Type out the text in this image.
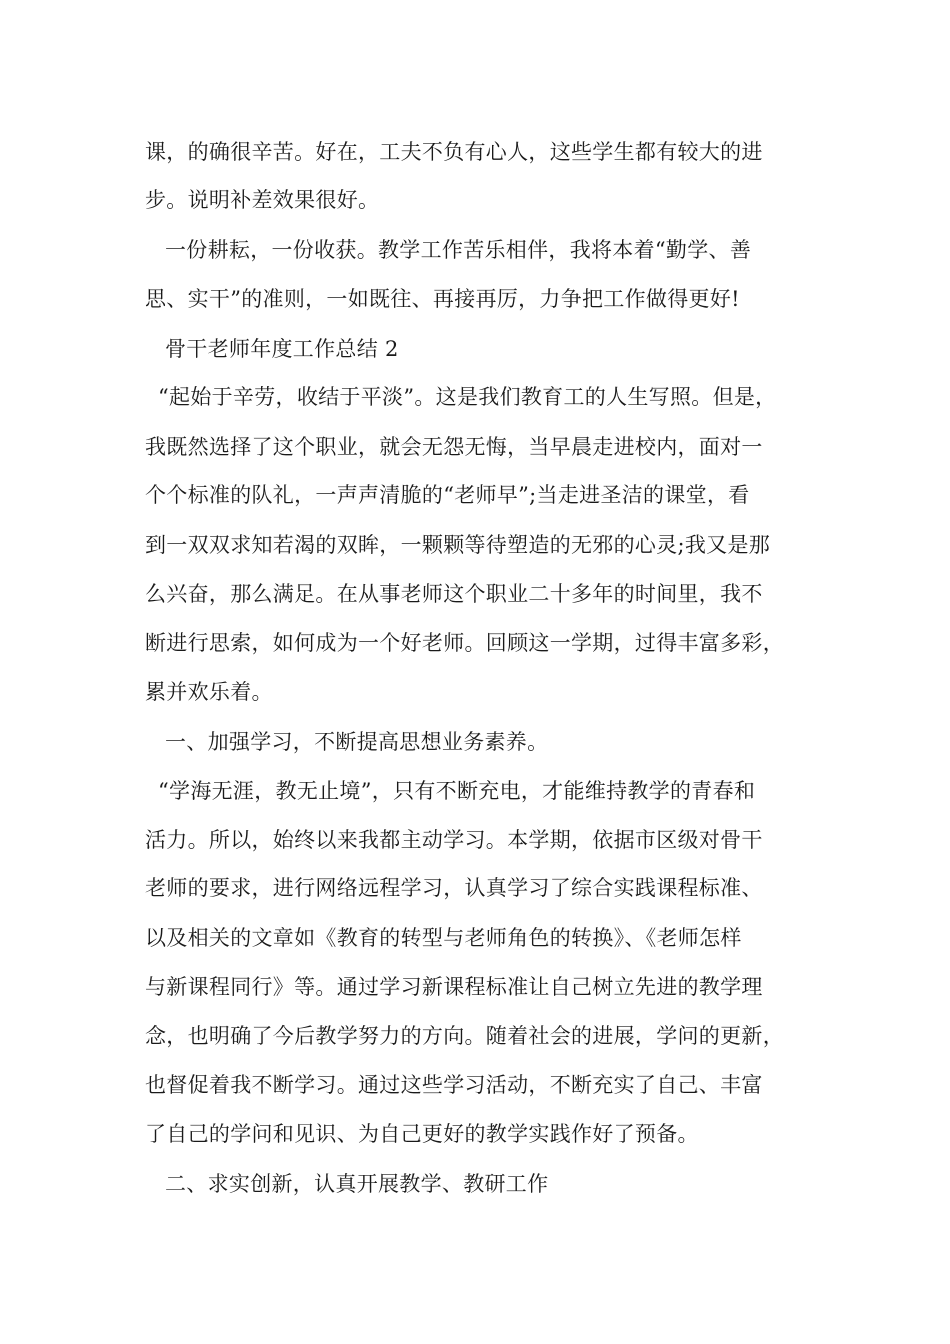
课，的确很辛苦。好在，工夫不负有心人，这些学生都有较大的进
步。说明补差效果很好。
一份耕耘，一份收获。教学工作苦乐相伴，我将本着“勤学、善
思、实干”的准则，一如既往、再接再厉，力争把工作做得更好!
骨干老师年度工作总结 2
“起始于辛劳，收结于平淡”。这是我们教育工的人生写照。但是，
我既然选择了这个职业，就会无怨无悔，当早晨走进校内，面对一
个个标准的队礼，一声声清脆的“老师早”;当走进圣洁的课堂，看
到一双双求知若渴的双眸，一颗颗等待塑造的无邪的心灵;我又是那
么兴奋，那么满足。在从事老师这个职业二十多年的时间里，我不
断进行思索，如何成为一个好老师。回顾这一学期，过得丰富多彩，
累并欢乐着。
一、加强学习，不断提高思想业务素养。
“学海无涯，教无止境”，只有不断充电，才能维持教学的青春和
活力。所以，始终以来我都主动学习。本学期，依据市区级对骨干
老师的要求，进行网络远程学习，认真学习了综合实践课程标准、
以及相关的文章如《教育的转型与老师角色的转换》、《老师怎样
与新课程同行》等。通过学习新课程标准让自己树立先进的教学理
念，也明确了今后教学努力的方向。随着社会的进展，学问的更新，
也督促着我不断学习。通过这些学习活动，不断充实了自己、丰富
了自己的学问和见识、为自己更好的教学实践作好了预备。
二、求实创新，认真开展教学、教研工作
